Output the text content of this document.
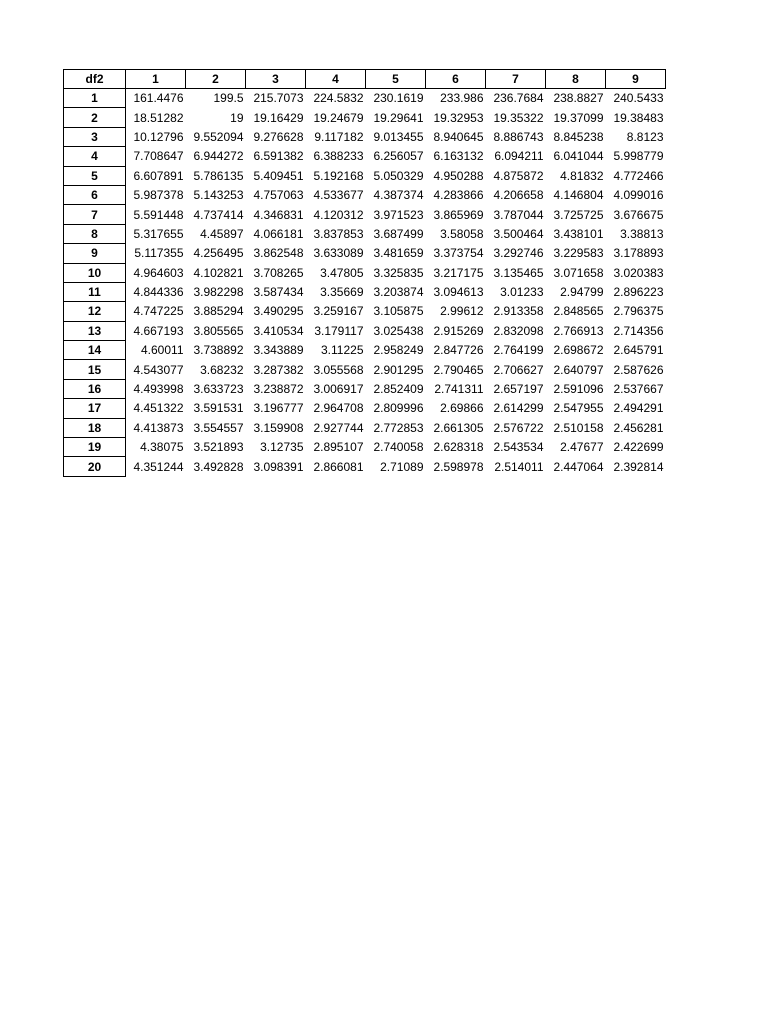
df2	1	2	3	4	5	6	7	8	9
1	161.4476	199.5	215.7073	224.5832	230.1619	233.986	236.7684	238.8827	240.5433
2	18.51282	19	19.16429	19.24679	19.29641	19.32953	19.35322	19.37099	19.38483
3	10.12796	9.552094	9.276628	9.117182	9.013455	8.940645	8.886743	8.845238	8.8123
4	7.708647	6.944272	6.591382	6.388233	6.256057	6.163132	6.094211	6.041044	5.998779
5	6.607891	5.786135	5.409451	5.192168	5.050329	4.950288	4.875872	4.81832	4.772466
6	5.987378	5.143253	4.757063	4.533677	4.387374	4.283866	4.206658	4.146804	4.099016
7	5.591448	4.737414	4.346831	4.120312	3.971523	3.865969	3.787044	3.725725	3.676675
8	5.317655	4.45897	4.066181	3.837853	3.687499	3.58058	3.500464	3.438101	3.38813
9	5.117355	4.256495	3.862548	3.633089	3.481659	3.373754	3.292746	3.229583	3.178893
10	4.964603	4.102821	3.708265	3.47805	3.325835	3.217175	3.135465	3.071658	3.020383
11	4.844336	3.982298	3.587434	3.35669	3.203874	3.094613	3.01233	2.94799	2.896223
12	4.747225	3.885294	3.490295	3.259167	3.105875	2.99612	2.913358	2.848565	2.796375
13	4.667193	3.805565	3.410534	3.179117	3.025438	2.915269	2.832098	2.766913	2.714356
14	4.60011	3.738892	3.343889	3.11225	2.958249	2.847726	2.764199	2.698672	2.645791
15	4.543077	3.68232	3.287382	3.055568	2.901295	2.790465	2.706627	2.640797	2.587626
16	4.493998	3.633723	3.238872	3.006917	2.852409	2.741311	2.657197	2.591096	2.537667
17	4.451322	3.591531	3.196777	2.964708	2.809996	2.69866	2.614299	2.547955	2.494291
18	4.413873	3.554557	3.159908	2.927744	2.772853	2.661305	2.576722	2.510158	2.456281
19	4.38075	3.521893	3.12735	2.895107	2.740058	2.628318	2.543534	2.47677	2.422699
20	4.351244	3.492828	3.098391	2.866081	2.71089	2.598978	2.514011	2.447064	2.392814
